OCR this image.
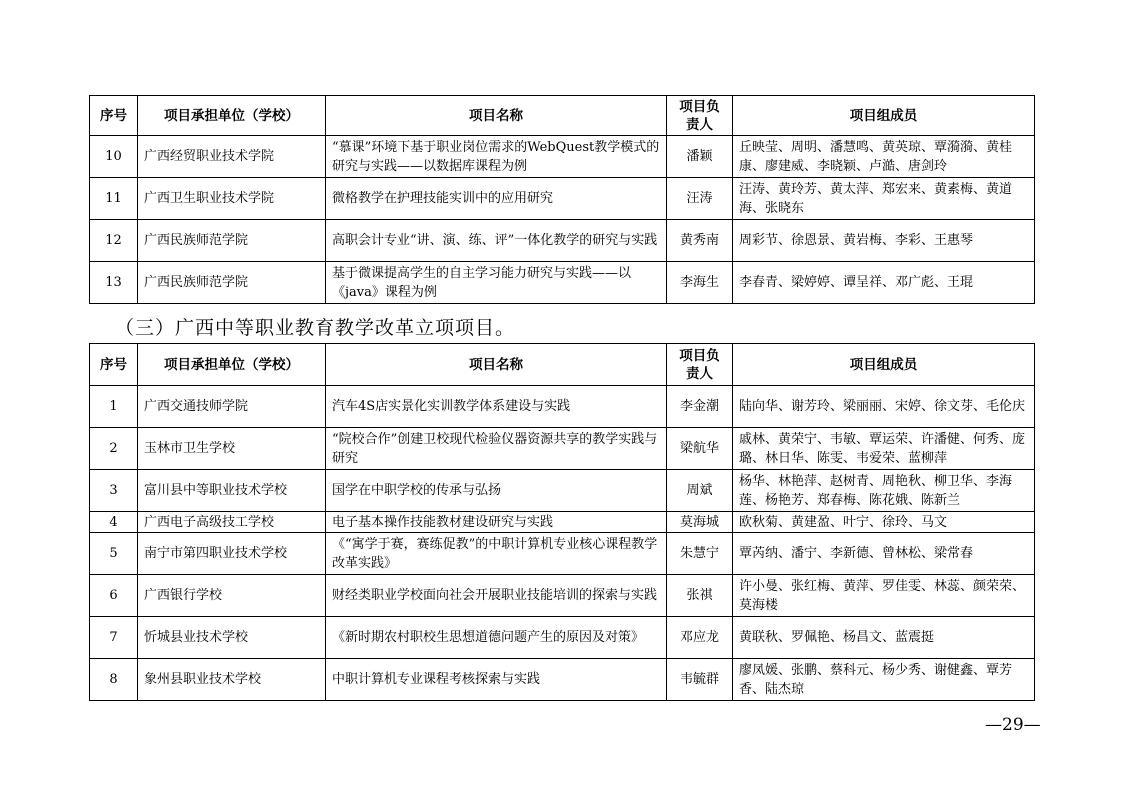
序号	项目承担单位（学校）	项目名称	项目负责人	项目组成员
10	广西经贸职业技术学院	“慕课”环境下基于职业岗位需求的WebQuest教学模式的研究与实践——以数据库课程为例	潘颖	丘映莹、周明、潘慧鸣、黄英琼、覃漪漪、黄桂康、廖建威、李晓颖、卢澔、唐剑玲
11	广西卫生职业技术学院	微格教学在护理技能实训中的应用研究	汪涛	汪涛、黄玲芳、黄太萍、郑宏来、黄素梅、黄道海、张晓东
12	广西民族师范学院	高职会计专业“讲、演、练、评”一体化教学的研究与实践	黄秀南	周彩节、徐恩景、黄岩梅、李彩、王惠琴
13	广西民族师范学院	基于微课提高学生的自主学习能力研究与实践——以《java》课程为例	李海生	李春青、梁婷婷、谭呈祥、邓广彪、王琨
（三）广西中等职业教育教学改革立项项目。
序号	项目承担单位（学校）	项目名称	项目负责人	项目组成员
1	广西交通技师学院	汽车4S店实景化实训教学体系建设与实践	李金潮	陆向华、谢芳玲、梁丽丽、宋婷、徐文芽、毛伦庆
2	玉林市卫生学校	“院校合作”创建卫校现代检验仪器资源共享的教学实践与研究	梁航华	戚林、黄荣宁、韦敏、覃运荣、许潘健、何秀、庞璐、林日华、陈雯、韦爱荣、蓝柳萍
3	富川县中等职业技术学校	国学在中职学校的传承与弘扬	周斌	杨华、林艳萍、赵树青、周艳秋、柳卫华、李海莲、杨艳芳、郑春梅、陈花娥、陈新兰
4	广西电子高级技工学校	电子基本操作技能教材建设研究与实践	莫海城	欧秋菊、黄建盈、叶宁、徐玲、马文
5	南宁市第四职业技术学校	《“寓学于赛，赛练促教”的中职计算机专业核心课程教学改革实践》	朱慧宁	覃芮纳、潘宁、李新德、曾林松、梁常春
6	广西银行学校	财经类职业学校面向社会开展职业技能培训的探索与实践	张祺	许小曼、张红梅、黄萍、罗佳雯、林蕊、颜荣荣、莫海楼
7	忻城县业技术学校	《新时期农村职校生思想道德问题产生的原因及对策》	邓应龙	黄联秋、罗佩艳、杨昌文、蓝震挺
8	象州县职业技术学校	中职计算机专业课程考核探索与实践	韦毓群	廖凤媛、张鹏、蔡科元、杨少秀、谢健鑫、覃芳香、陆杰琼
—29—
